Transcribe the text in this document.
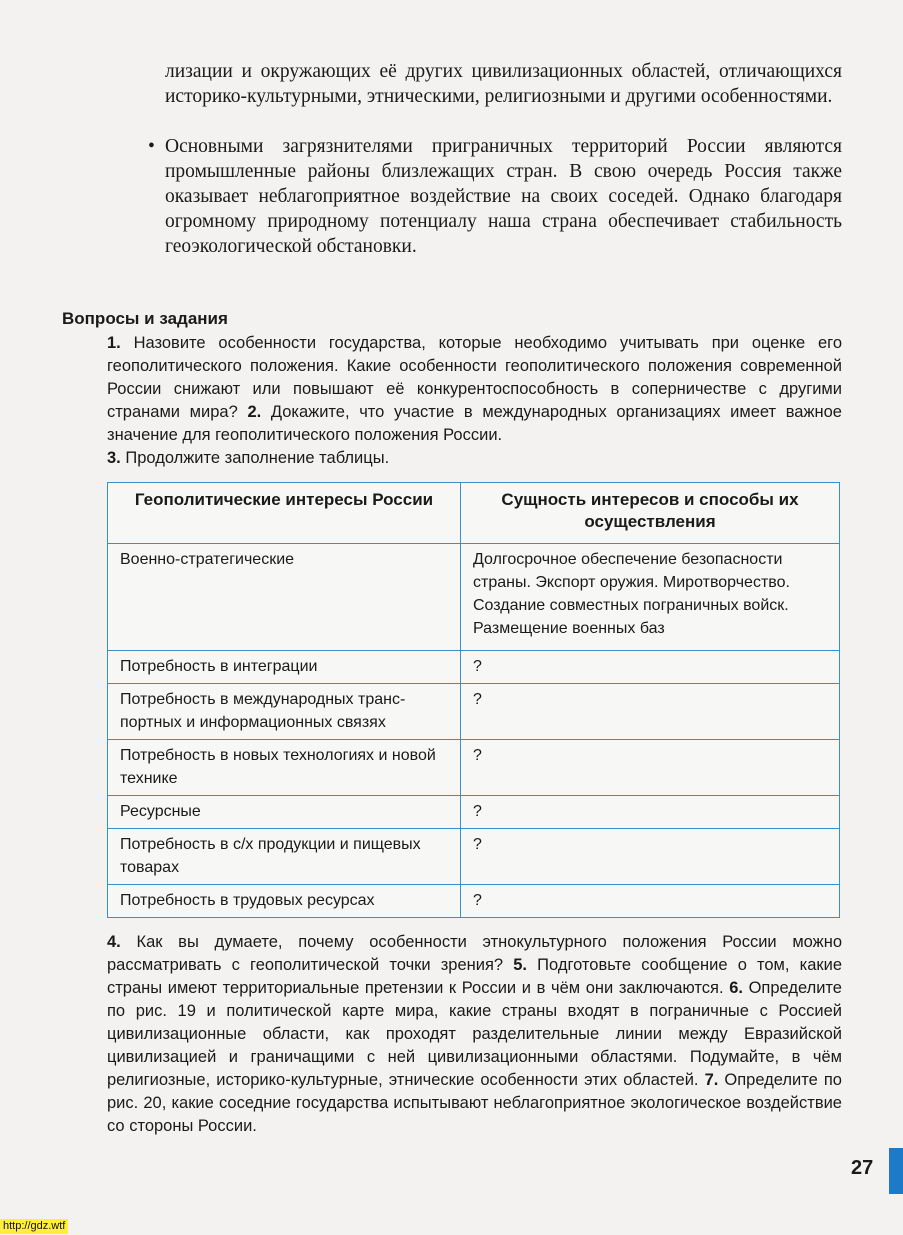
лизации и окружающих её других цивилизационных областей, отличающихся историко-культурными, этническими, религиозными и другими особенностями.

• Основными загрязнителями приграничных территорий России являются промышленные районы близлежащих стран. В свою очередь Россия также оказывает неблагоприятное воздействие на своих соседей. Однако благодаря огромному природному потенциалу наша страна обеспечивает стабильность геоэкологической обстановки.
Вопросы и задания
1. Назовите особенности государства, которые необходимо учитывать при оценке его геополитического положения. Какие особенности геополитического положения современной России снижают или повышают её конкурентоспособность в соперничестве с другими странами мира? 2. Докажите, что участие в международных организациях имеет важное значение для геополитического положения России.
3. Продолжите заполнение таблицы.
Геополитические интересы России	Сущность интересов и способы их осуществления
Военно-стратегические	Долгосрочное обеспечение безопасности страны. Экспорт оружия. Миротворчество. Создание совместных пограничных войск. Размещение военных баз
Потребность в интеграции	?
Потребность в международных транспортных и информационных связях	?
Потребность в новых технологиях и новой технике	?
Ресурсные	?
Потребность в с/х продукции и пищевых товарах	?
Потребность в трудовых ресурсах	?
4. Как вы думаете, почему особенности этнокультурного положения России можно рассматривать с геополитической точки зрения? 5. Подготовьте сообщение о том, какие страны имеют территориальные претензии к России и в чём они заключаются. 6. Определите по рис. 19 и политической карте мира, какие страны входят в пограничные с Россией цивилизационные области, как проходят разделительные линии между Евразийской цивилизацией и граничащими с ней цивилизационными областями. Подумайте, в чём религиозные, историко-культурные, этнические особенности этих областей. 7. Определите по рис. 20, какие соседние государства испытывают неблагоприятное экологическое воздействие со стороны России.
27
http://gdz.wtf
